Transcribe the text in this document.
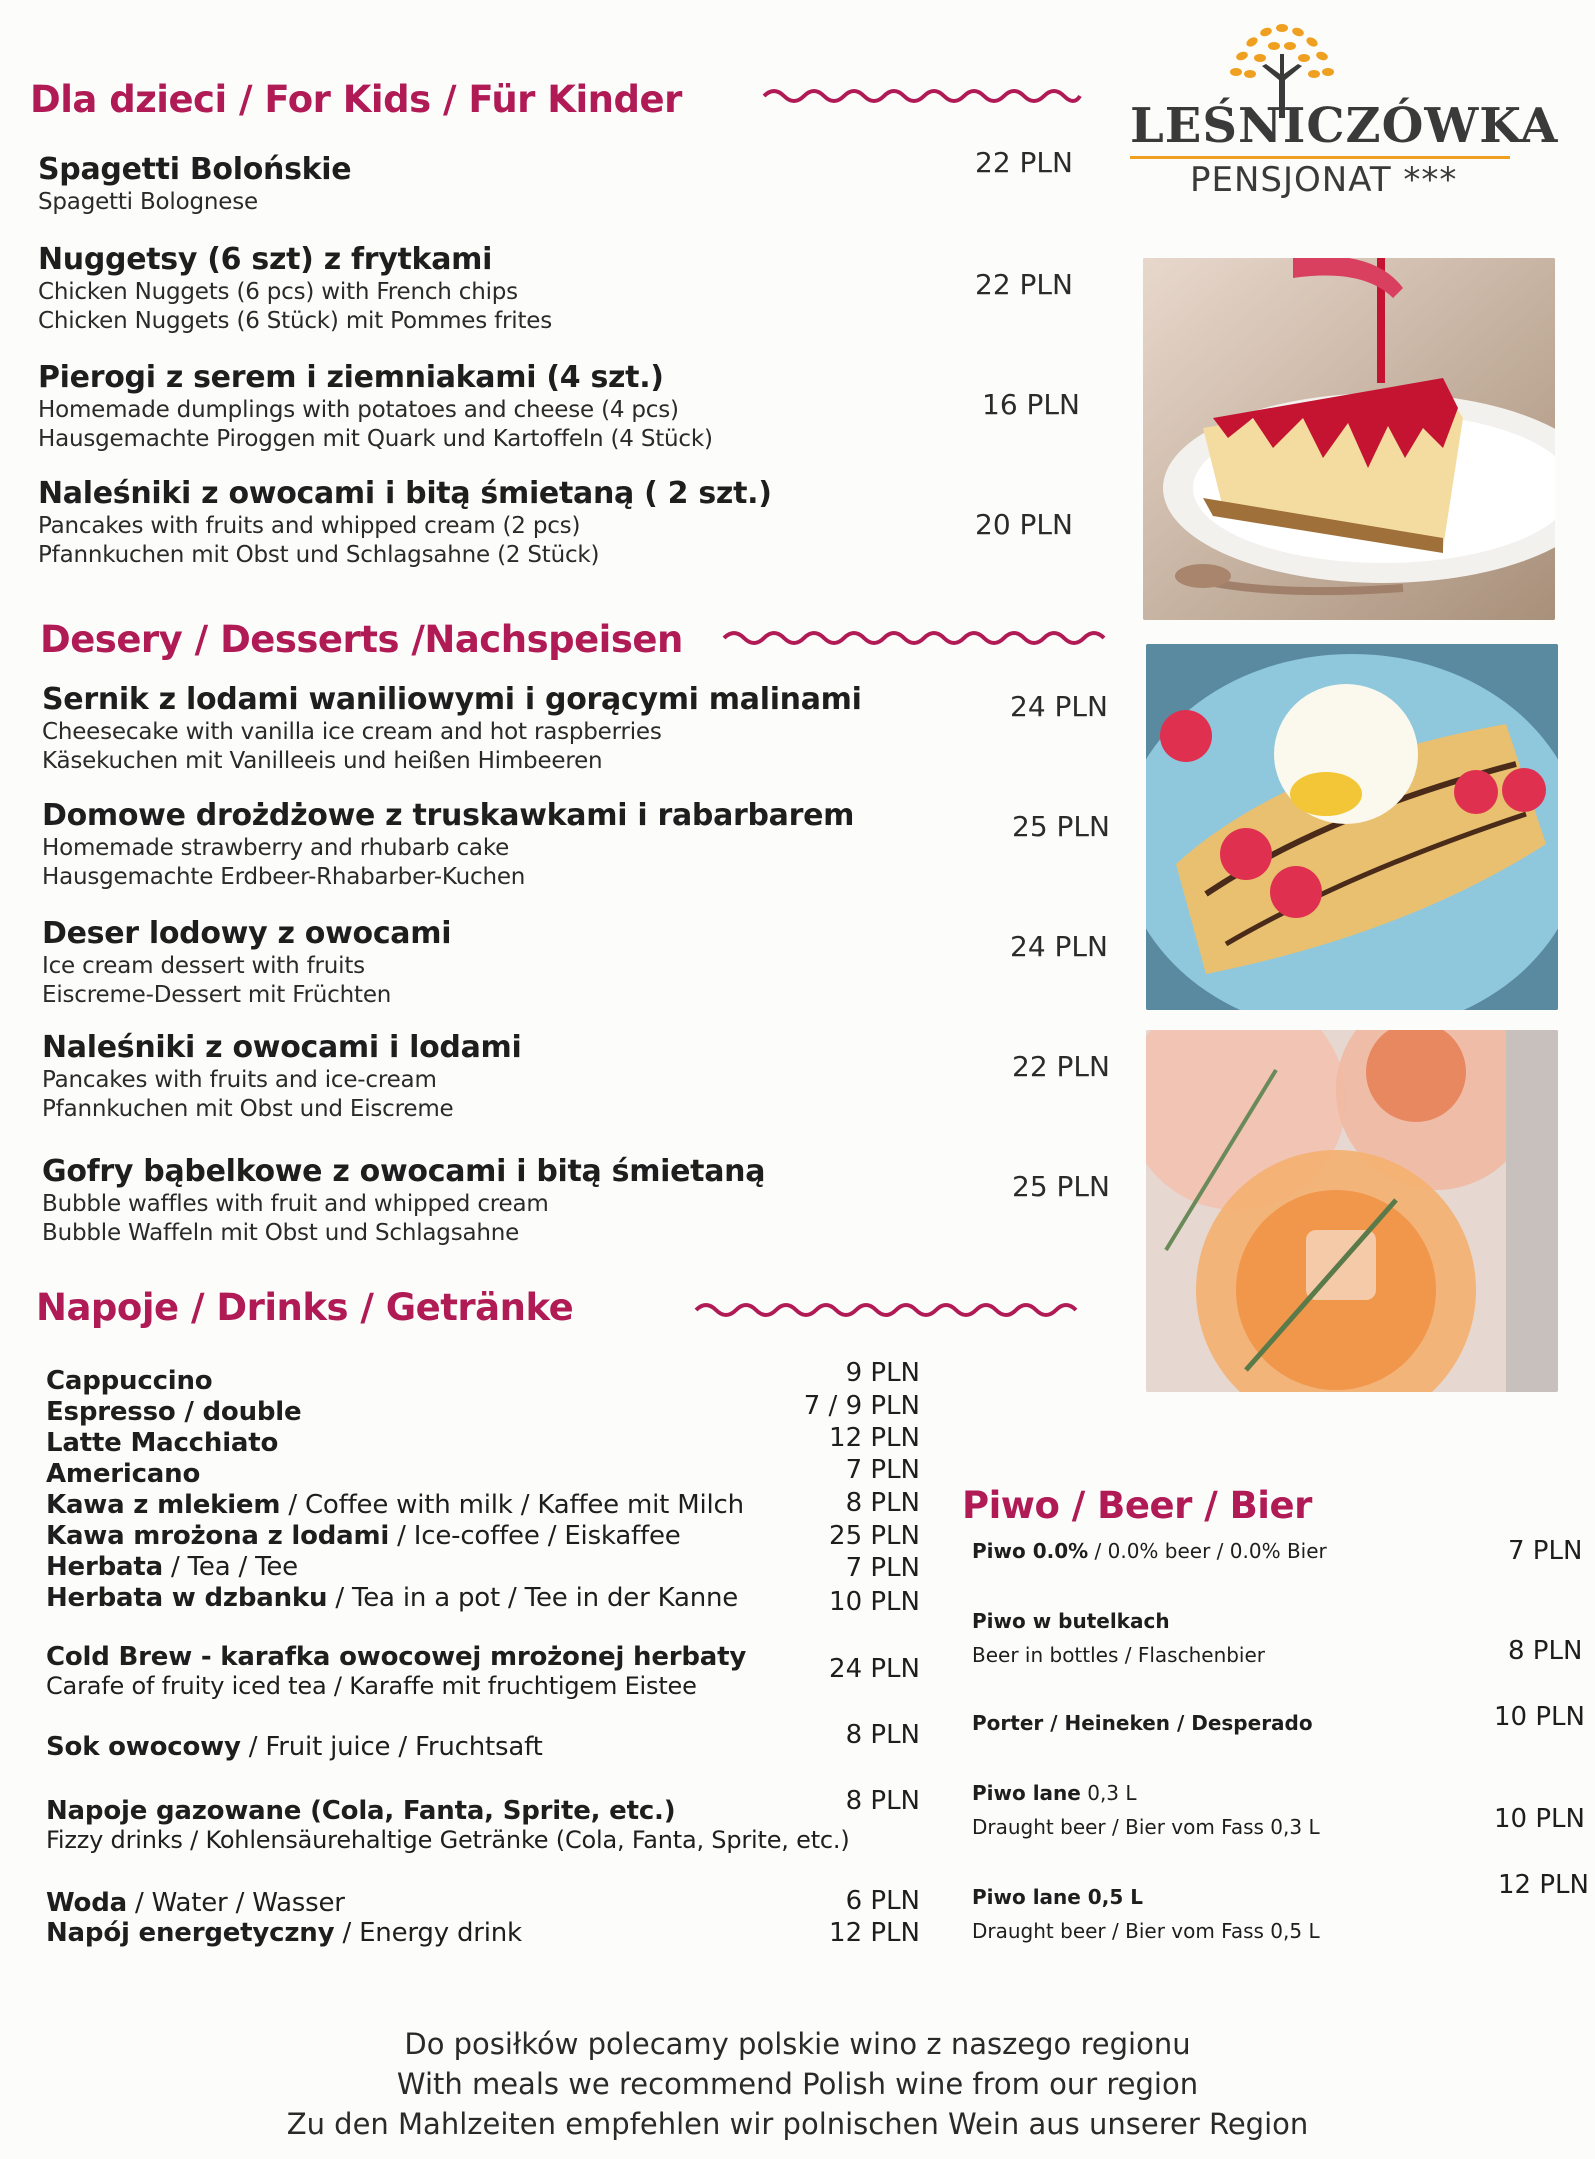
LEŚNICZÓWKA
PENSJONAT ***
Dla dzieci / For Kids / Für Kinder
Spagetti Bolońskie
Spagetti Bolognese
22 PLN
Nuggetsy (6 szt) z frytkami
Chicken Nuggets (6 pcs) with French chips
Chicken Nuggets (6 Stück) mit Pommes frites
22 PLN
Pierogi z serem i ziemniakami (4 szt.)
Homemade dumplings with potatoes and cheese (4 pcs)
Hausgemachte Piroggen mit Quark und Kartoffeln (4 Stück)
16 PLN
Naleśniki z owocami i bitą śmietaną ( 2 szt.)
Pancakes with fruits and whipped cream (2 pcs)
Pfannkuchen mit Obst und Schlagsahne (2 Stück)
20 PLN
Desery / Desserts /Nachspeisen
Sernik z lodami waniliowymi i gorącymi malinami
Cheesecake with vanilla ice cream and hot raspberries
Käsekuchen mit Vanilleeis und heißen Himbeeren
24 PLN
Domowe drożdżowe z truskawkami i rabarbarem
Homemade strawberry and rhubarb cake
Hausgemachte Erdbeer-Rhabarber-Kuchen
25 PLN
Deser lodowy z owocami
Ice cream dessert with fruits
Eiscreme-Dessert mit Früchten
24 PLN
Naleśniki z owocami i lodami
Pancakes with fruits and ice-cream
Pfannkuchen mit Obst und Eiscreme
22 PLN
Gofry bąbelkowe z owocami i bitą śmietaną
Bubble waffles with fruit and whipped cream
Bubble Waffeln mit Obst und Schlagsahne
25 PLN
Napoje / Drinks / Getränke
Cappuccino	9 PLN
Espresso / double	7 / 9 PLN
Latte Macchiato	12 PLN
Americano	7 PLN
Kawa z mlekiem / Coffee with milk / Kaffee mit Milch	8 PLN
Kawa mrożona z lodami / Ice-coffee / Eiskaffee	25 PLN
Herbata / Tea / Tee	7 PLN
Herbata w dzbanku / Tea in a pot / Tee in der Kanne	10 PLN
Cold Brew - karafka owocowej mrożonej herbaty
Carafe of fruity iced tea / Karaffe mit fruchtigem Eistee
24 PLN
Sok owocowy / Fruit juice / Fruchtsaft	8 PLN
Napoje gazowane (Cola, Fanta, Sprite, etc.)
Fizzy drinks / Kohlensäurehaltige Getränke (Cola, Fanta, Sprite, etc.)
8 PLN
Woda / Water / Wasser	6 PLN
Napój energetyczny / Energy drink	12 PLN
Piwo / Beer / Bier
Piwo 0.0% / 0.0% beer / 0.0% Bier	7 PLN
Piwo w butelkach
Beer in bottles / Flaschenbier	8 PLN
Porter / Heineken / Desperado	10 PLN
Piwo lane 0,3 L
Draught beer / Bier vom Fass 0,3 L	10 PLN
Piwo lane 0,5 L
Draught beer / Bier vom Fass 0,5 L
12 PLN
Do posiłków polecamy polskie wino z naszego regionu
With meals we recommend Polish wine from our region
Zu den Mahlzeiten empfehlen wir polnischen Wein aus unserer Region
